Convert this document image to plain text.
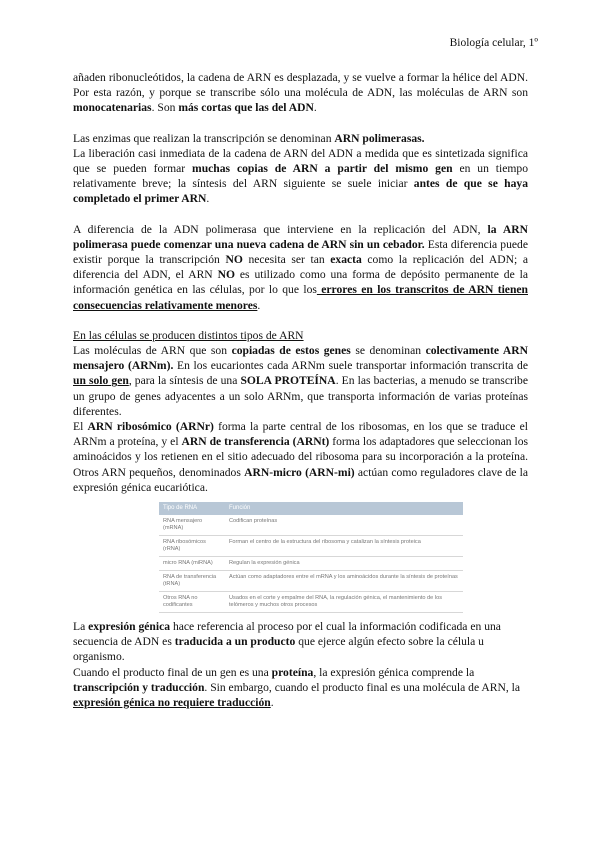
Biología celular, 1º

añaden ribonucleótidos, la cadena de ARN es desplazada, y se vuelve a formar la hélice del ADN. Por esta razón, y porque se transcribe sólo una molécula de ADN, las moléculas de ARN son monocatenarias. Son más cortas que las del ADN.

Las enzimas que realizan la transcripción se denominan ARN polimerasas.

La liberación casi inmediata de la cadena de ARN del ADN a medida que es sintetizada significa que se pueden formar muchas copias de ARN a partir del mismo gen en un tiempo relativamente breve; la síntesis del ARN siguiente se suele iniciar antes de que se haya completado el primer ARN.

A diferencia de la ADN polimerasa que interviene en la replicación del ADN, la ARN polimerasa puede comenzar una nueva cadena de ARN sin un cebador. Esta diferencia puede existir porque la transcripción NO necesita ser tan exacta como la replicación del ADN; a diferencia del ADN, el ARN NO es utilizado como una forma de depósito permanente de la información genética en las células, por lo que los errores en los transcritos de ARN tienen consecuencias relativamente menores.

En las células se producen distintos tipos de ARN

Las moléculas de ARN que son copiadas de estos genes se denominan colectivamente ARN mensajero (ARNm). En los eucariontes cada ARNm suele transportar información transcrita de un solo gen, para la síntesis de una SOLA PROTEÍNA. En las bacterias, a menudo se transcribe un grupo de genes adyacentes a un solo ARNm, que transporta información de varias proteínas diferentes.

El ARN ribosómico (ARNr) forma la parte central de los ribosomas, en los que se traduce el ARNm a proteína, y el ARN de transferencia (ARNt) forma los adaptadores que seleccionan los aminoácidos y los retienen en el sitio adecuado del ribosoma para su incorporación a la proteína. Otros ARN pequeños, denominados ARN-micro (ARN-mi) actúan como reguladores clave de la expresión génica eucariótica.

Tipo de RNA	Función
RNA mensajero (mRNA)	Codifican proteínas
RNA ribosómicos (rRNA)	Forman el centro de la estructura del ribosoma y catalizan la síntesis proteica
micro RNA (miRNA)	Regulan la expresión génica
RNA de transferencia (tRNA)	Actúan como adaptadores entre el mRNA y los aminoácidos durante la síntesis de proteínas
Otros RNA no codificantes	Usados en el corte y empalme del RNA, la regulación génica, el mantenimiento de los telómeros y muchos otros procesos

La expresión génica hace referencia al proceso por el cual la información codificada en una secuencia de ADN es traducida a un producto que ejerce algún efecto sobre la célula u organismo.

Cuando el producto final de un gen es una proteína, la expresión génica comprende la transcripción y traducción. Sin embargo, cuando el producto final es una molécula de ARN, la expresión génica no requiere traducción.
